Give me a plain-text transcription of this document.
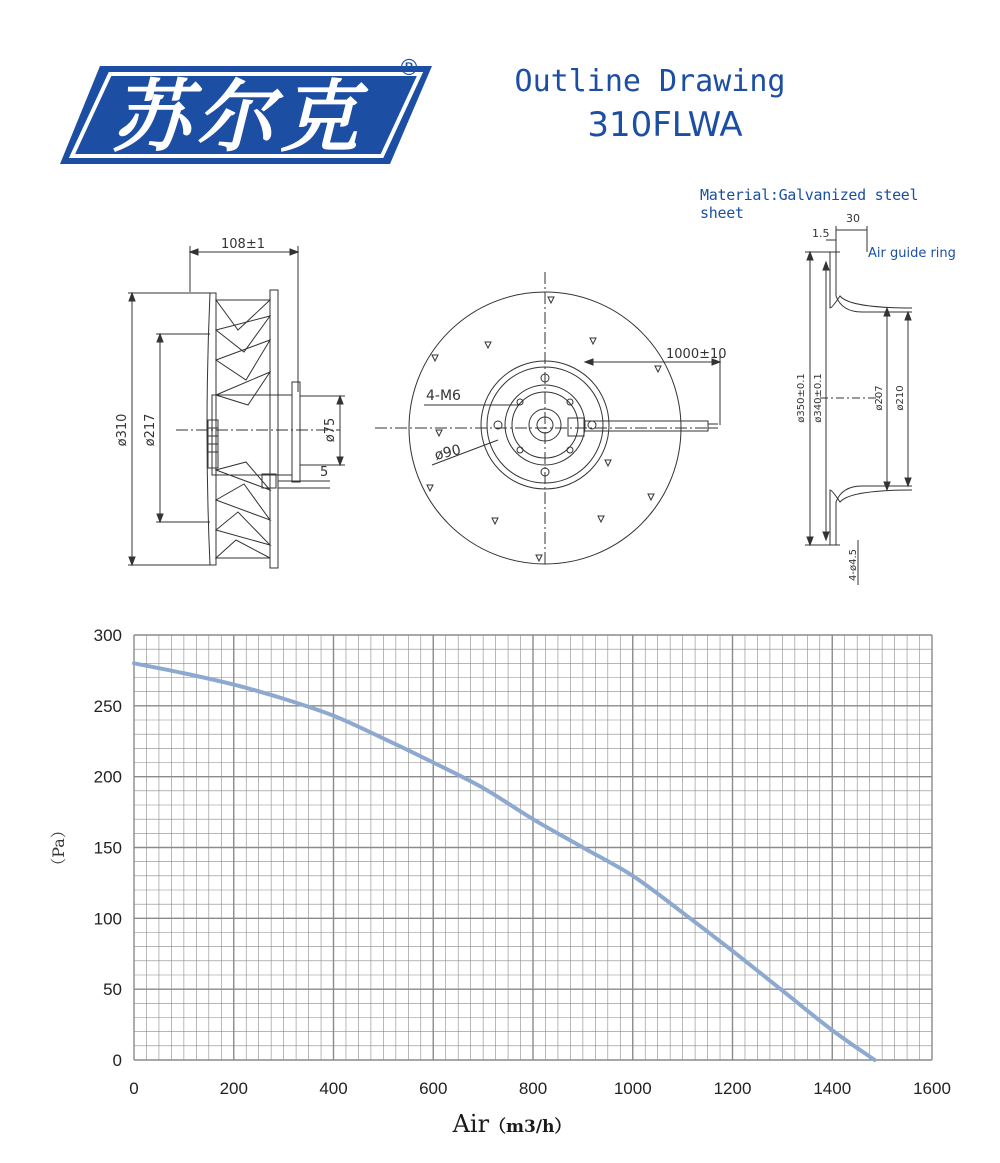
苏尔克
®	Outline Drawing
310FLWA
Material:Galvanized steel sheet
Air guide ring
108±1
ø310 ø217	ø75
5
1000±10
4-M6
ø90
30
1.5
ø350±0.1 ø340±0.1	ø207 ø210
4-ø4.5
0
50
100
150
200
250
300
0	200	400	600	800	1000	1200	1400	1600
（Pa）
Air（m3/h）
